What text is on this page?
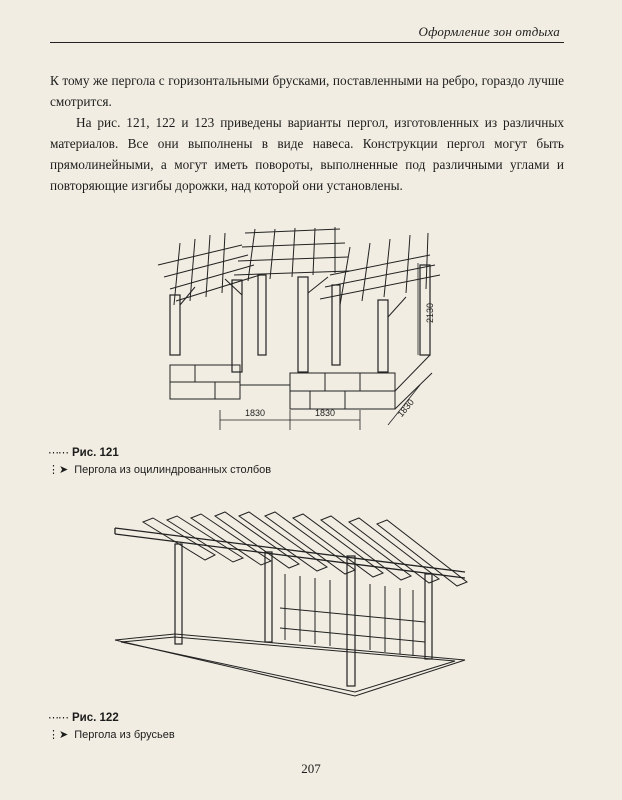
Оформление зон отдыха

К тому же пергола с горизонтальными брусками, поставленными на ребро, гораздо лучше смотрится.

На рис. 121, 122 и 123 приведены варианты пергол, изготовленных из различных материалов. Все они выполнены в виде навеса. Конструкции пергол могут быть прямолинейными, а могут иметь повороты, выполненные под различными углами и повторяющие изгибы дорожки, над которой они установлены.

1830	1830
2130
1830
⋯⋯ Рис. 121
⋮➤ Пергола из оцилиндрованных столбов
⋯⋯ Рис. 122
⋮➤ Пергола из брусьев
207
